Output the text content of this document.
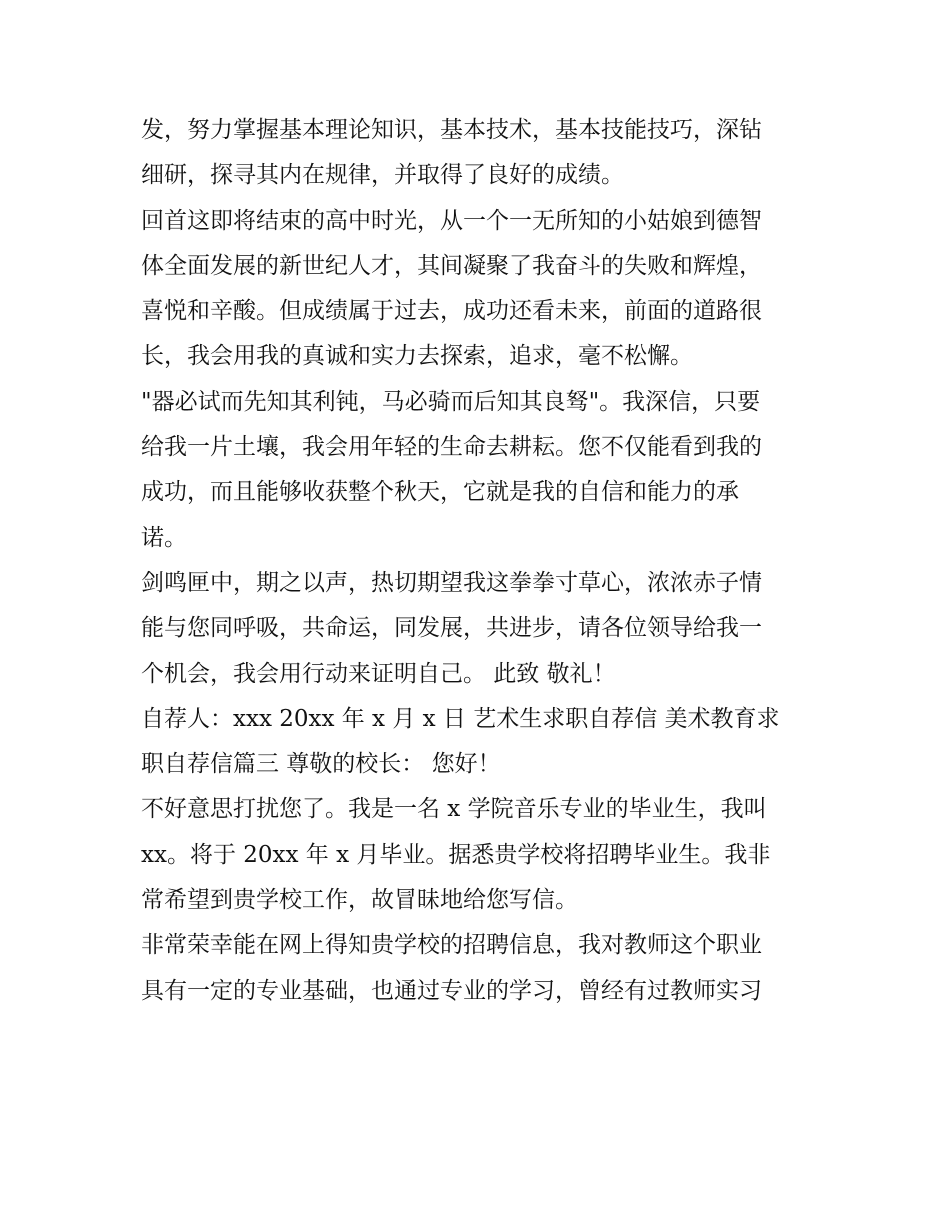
发，努力掌握基本理论知识，基本技术，基本技能技巧，深钻
细研，探寻其内在规律，并取得了良好的成绩。
回首这即将结束的高中时光，从一个一无所知的小姑娘到德智
体全面发展的新世纪人才，其间凝聚了我奋斗的失败和辉煌，
喜悦和辛酸。但成绩属于过去，成功还看未来，前面的道路很
长，我会用我的真诚和实力去探索，追求，毫不松懈。
"器必试而先知其利钝，马必骑而后知其良驽"。我深信，只要
给我一片土壤，我会用年轻的生命去耕耘。您不仅能看到我的
成功，而且能够收获整个秋天，它就是我的自信和能力的承
诺。
剑鸣匣中，期之以声，热切期望我这拳拳寸草心，浓浓赤子情
能与您同呼吸，共命运，同发展，共进步，请各位领导给我一
个机会，我会用行动来证明自己。 此致 敬礼！
自荐人：xxx 20xx 年 x 月 x 日 艺术生求职自荐信 美术教育求
职自荐信篇三 尊敬的校长： 您好！
不好意思打扰您了。我是一名 x 学院音乐专业的毕业生，我叫
xx。将于 20xx 年 x 月毕业。据悉贵学校将招聘毕业生。我非
常希望到贵学校工作，故冒昧地给您写信。
非常荣幸能在网上得知贵学校的招聘信息，我对教师这个职业
具有一定的专业基础，也通过专业的学习，曾经有过教师实习
